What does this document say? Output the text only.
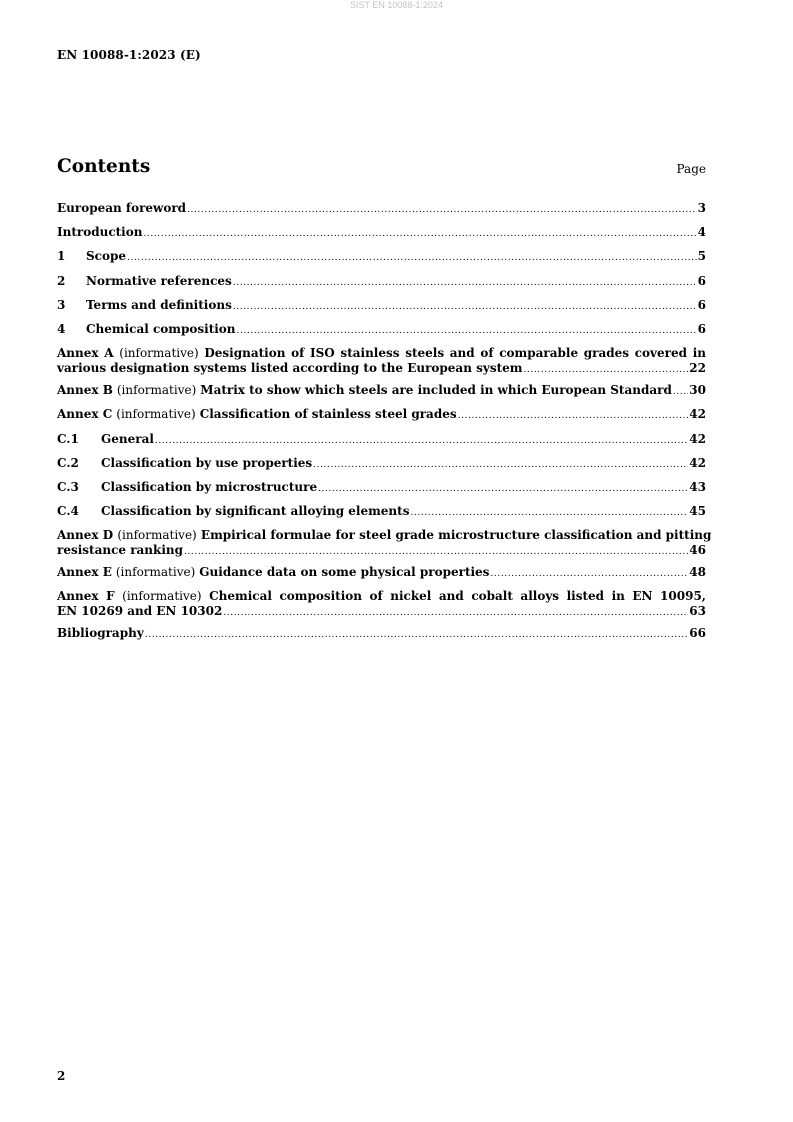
SIST EN 10088-1:2024
EN 10088-1:2023 (E)
Contents	Page
European foreword .....	3
Introduction .....	4
1	Scope .....	5
2	Normative references .....	6
3	Terms and definitions .....	6
4	Chemical composition .....	6
Annex A (informative) Designation of ISO stainless steels and of comparable grades covered in
various designation systems listed according to the European system .....	22
Annex B (informative) Matrix to show which steels are included in which European Standard ..... 30
Annex C (informative) Classification of stainless steel grades .....	42
C.1	General .....	42
C.2	Classification by use properties .....	42
C.3	Classification by microstructure .....	43
C.4	Classification by significant alloying elements .....	45
Annex D (informative) Empirical formulae for steel grade microstructure classification and pitting
resistance ranking .....	46
Annex E (informative) Guidance data on some physical properties .....	48
Annex F (informative) Chemical composition of nickel and cobalt alloys listed in EN 10095,
EN 10269 and EN 10302 .....	63
Bibliography .....	66
2
